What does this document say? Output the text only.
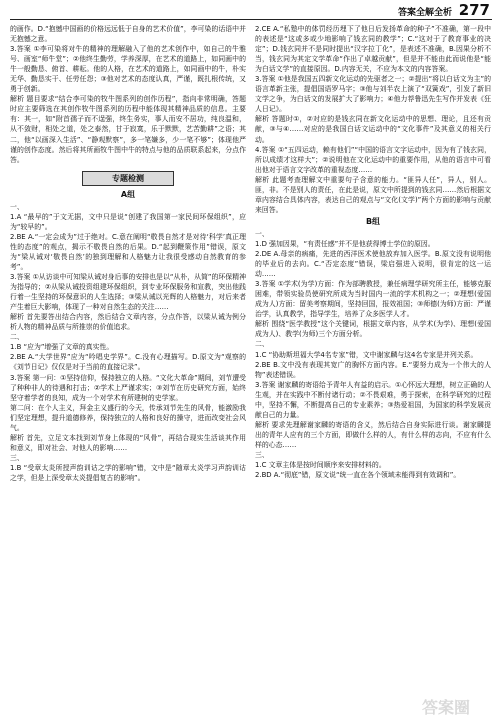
答案全解全析 277

的画作。D.“抱憾中国画的价格远远低于自身的艺术价值”，李可染的话语中并无抱憾之意。

3.答案 ①李可染将对牛的精神的理解融入了他的艺术创作中，如自己的牛雅号、画室“师牛堂”；②他终生勤劳，学养深厚，在艺术的道路上，如同画中的牛一般勤恳、俯首、耕耘。他的人格，在艺术的道路上，如同画中的牛，朴实无华、勤恳实干、任劳任怨；③他对艺术的态度认真，严谨，既扎根传统，又勇于创新。

解析 题目要求“结合李可染的牧牛图系列的创作历程”，指向非常明确，答题时应主要筛选在其创作牧牛图系列的历程中能体现其精神品质的信息。主要有：其一，如“附首孺子而不逞强，终生务实，事人而安不居功，纯良温和，从不敛财，相处之道，处之泰然，甘于寂寞，乐于默默，艺苦勤耕”之语；其二，他“以画深入生活”、“静观默察”，多一笔嫌多，少一笔不够”；体现他严谨的创作态度。然后将其所画牧牛图中牛的特点与他的品质联系起来，分点作答。

专题检测
A组

一、

1.A “最早的”于文无据，文中只是说“创建了我国第一家民间环保组织”，应为“较早的”。

2.BE A.“一定会成为”过于绝对。C.意在阐明“敬畏自然才是对待‘科学’真正理性的态度”的观点，揭示不敬畏自然的后果。D.“起到鞭策作用”错误，原文为“梁从诫对‘敬畏自然’的独到理解和人格魅力让我很受感动自然教育的参考”。

3.答案 ①从访谈中可知梁从诫对身后事的安排也是以“从朴，从简”的环保精神为指导的；②从梁从诫投资组建环保组织，到专业环保服务和宣教，突出他践行着一生坚持的环保意识的人生选择；③梁从诫以光辉的人格魅力，对后来者产生着巨大影响，体现了一种对自然生态的关注……

解析 首先要答出结合内容，然后结合文章内容，分点作答，以梁从诫为例分析人物的精神品质与所推崇的价值追求。

二、

1.B “应为”增强了文章的真实性。

2.BE A.“大学世界”应为“吟唱史学界”。C.没有心理描写。D.原文为“观察的《刘节日记》仅仅是对于当前的直接记录”。

3.答案 第一问：①坚持信仰，保持独立的人格。“文化大革命”期间，刘节遭受了种种非人的待遇和打击；②学术上严谨求实；③刘节在历史研究方面，始终坚守着学者的良知，成为一个对学术有所建树的史学家。

第二问：在个人主义，拜金主义盛行的今天，传承刘节先生的风骨，能激励我们坚定理想，提升道德修养，保持独立的人格和良好的操守，进而改变社会风气。

解析 首先，立足文本找到刘节身上体现的“风骨”，再结合现实生活谈其作用和意义，即对社会、对他人的影响……

三、

1.B “受章太炎所授声韵训诂之学的影响”错，文中是“随章太炎学习声韵训诂之学，但是上深受章太炎提倡复古的影响”。

2.CE A.“私塾中的体罚经历埋下了他日后发扬革命的种子”不准确，第一段中的表述是“这或多或少地影响了钱玄同的教学”；C.“这对于了教育事业的决定”；D.钱玄同并不是同时提出“汉字拉丁化”，是表述不准确，B.因果分析不当，钱玄同为其定文学革命“作出了卓越贡献”，但是并不能由此而说他是“能为白话文学”的直接原因。D.内容无关，不应为本文的内容答案。

3.答案 ①他是我国五四新文化运动的先驱者之一；②提出“将以白话文为主”的语言革新主张，提倡国语罗马字；③他与刘半农上演了“双簧戏”，引发了新旧文学之争，为白话文的发展扩大了影响力；④他力荐鲁迅先生写作并发表《狂人日记》。

解析 答题时①，②对应的是钱玄同在新文化运动中的思想、理论，且还有贡献，③与④……对应的是我国白话文运动中的“文化事件”及其意义的相关行动。

4.答案 ①“五四运动，赖有他们”“中国的语言文字运动中，因为有了钱玄同，所以成绩才这样大”；②说明他在文化运动中的重要作用，从他的语言中可看出他对于语言文字改革的重视态度……

解析 此题考查理解文中重要句子含意的能力。“匪异人任”，异人，别人。匪，非。不是别人的责任，在此是说，原文中所提到的钱玄同……然后根据文章内容结合具体内容，表达自己的观点与“文化(文学)”两个方面的影响与贡献来回答。

B组

一、

1.D 强加因果，“有责任感”并不是他获得博士学位的原因。

2.DE A.母亲的病痛，先进的西洋医术使他放弃加入医学。B.原文没有说明他的毕业后的去向。C.“否定态度”错误，梁启强进入说明，很肯定的这一运动……

3.答案 ①学术(为学)方面：作为部聘教授，兼任病理学研究所主任，能够克服困难，带领实验员使研究所成为当时国内一流的学术机构之一；②理想(爱国成为人)方面：留美考察期间，坚持回国，报效祖国；③师德(为师)方面：严谨治学，认真教学，指导学生，培养了众多医学人才。

解析 围绕“医学教授”这个关键词，根据文章内容，从学术(为学)、理想(爱国成为人)、教学(为师)三个方面分析。

二、

1.C “协助斯坦福大学4名专家”错，文中谢家麟与这4名专家是并列关系。

2.BE B.文中没有表现其宽广的胸怀方面内容。E.“要努力成为一个伟大的人物”表述错误。

3.答案 谢家麟的寄语给予青年人有益的启示。①心怀远大理想，树立正确的人生观，并在实践中不断付诸行动；②不畏艰难，勇于探索，在科学研究的过程中，坚持不懈，不断提高自己的专业素养；③热爱祖国，为国家的科学发展贡献自己的力量。

解析 要求先理解谢家麟的寄语的含义，然后结合自身实际进行谈。谢家麟提出的青年人应有的三个方面，即做什么样的人，有什么样的志向，不应有什么样的心态……

三、

1.C 文章主体是按时间顺序来安排材料的。

2.BD A.“彻底”错，原文说“统一直在各个领域未能得到有效调和”。

答案圈
